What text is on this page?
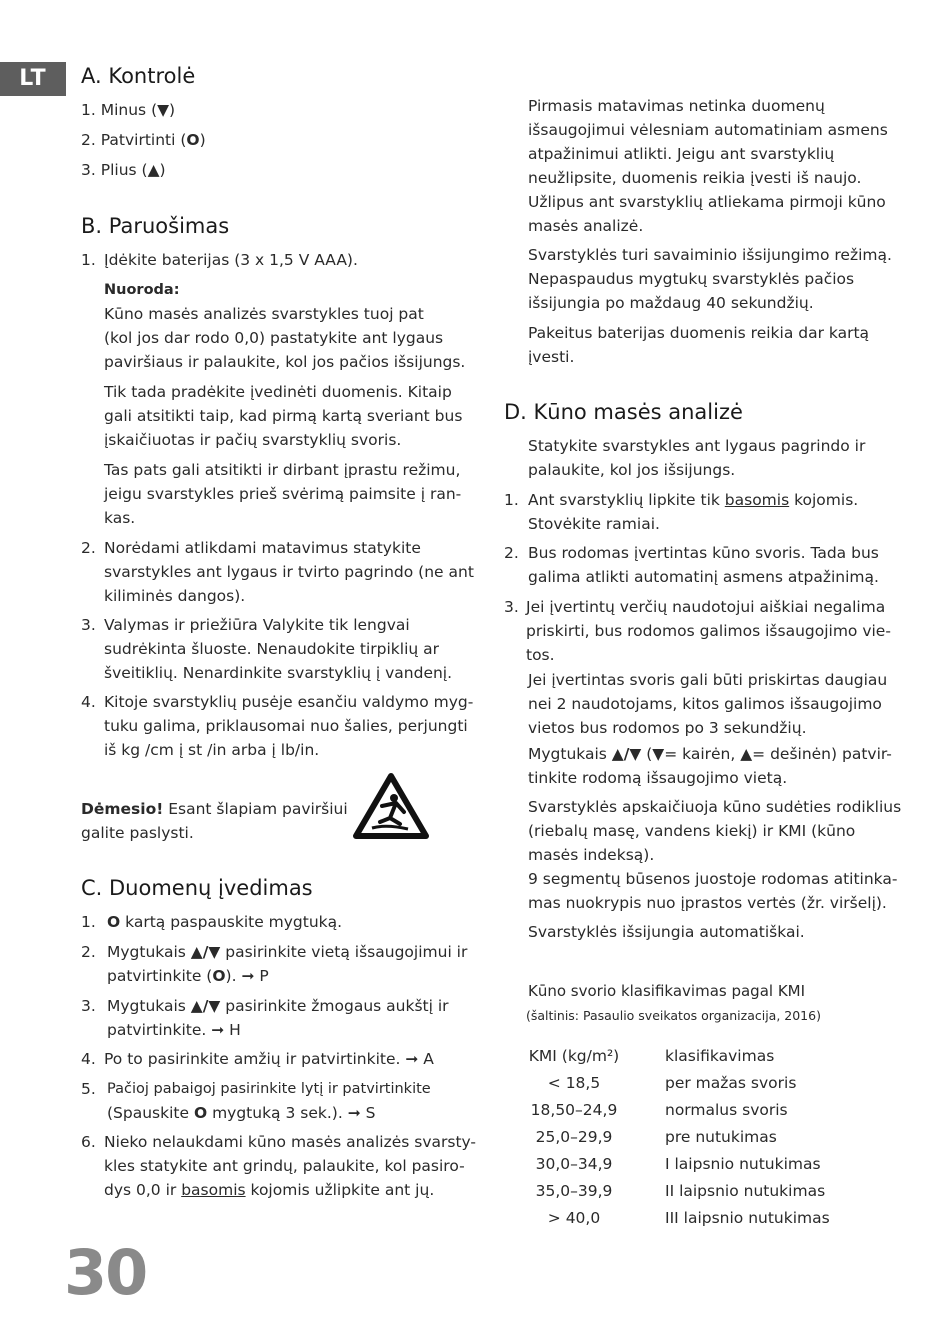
LT	A. Kontrolė
1. Minus (▼)
2. Patvirtinti (O)
3. Plius (▲)
B. Paruošimas
1. Įdėkite baterijas (3 x 1,5 V AAA).
Nuoroda:
Kūno masės analizės svarstykles tuoj pat
(kol jos dar rodo 0,0) pastatykite ant lygaus
paviršiaus ir palaukite, kol jos pačios išsijungs.
Tik tada pradėkite įvedinėti duomenis. Kitaip
gali atsitikti taip, kad pirmą kartą sveriant bus
įskaičiuotas ir pačių svarstyklių svoris.
Tas pats gali atsitikti ir dirbant įprastu režimu,
jeigu svarstykles prieš svėrimą paimsite į ran-
kas.
2. Norėdami atlikdami matavimus statykite
svarstykles ant lygaus ir tvirto pagrindo (ne ant
kiliminės dangos).
3. Valymas ir priežiūra Valykite tik lengvai
sudrėkinta šluoste. Nenaudokite tirpiklių ar
šveitiklių. Nenardinkite svarstyklių į vandenį.
4. Kitoje svarstyklių pusėje esančiu valdymo myg-
tuku galima, priklausomai nuo šalies, perjungti
iš kg /cm į st /in arba į lb/in.
Dėmesio! Esant šlapiam paviršiui
galite paslysti.
C. Duomenų įvedimas
1. O kartą paspauskite mygtuką.
2. Mygtukais ▲/▼ pasirinkite vietą išsaugojimui ir
patvirtinkite (O). ➞ P
3. Mygtukais ▲/▼ pasirinkite žmogaus aukštį ir
patvirtinkite. ➞ H
4. Po to pasirinkite amžių ir patvirtinkite. ➞ A
5. Pačioj pabaigoj pasirinkite lytį ir patvirtinkite
(Spauskite O mygtuką 3 sek.). ➞ S
6. Nieko nelaukdami kūno masės analizės svarsty-
kles statykite ant grindų, palaukite, kol pasiro-
dys 0,0 ir basomis kojomis užlipkite ant jų.
30
Pirmasis matavimas netinka duomenų
išsaugojimui vėlesniam automatiniam asmens
atpažinimui atlikti. Jeigu ant svarstyklių
neužlipsite, duomenis reikia įvesti iš naujo.
Užlipus ant svarstyklių atliekama pirmoji kūno
masės analizė.
Svarstyklės turi savaiminio išsijungimo režimą.
Nepaspaudus mygtukų svarstyklės pačios
išsijungia po maždaug 40 sekundžių.
Pakeitus baterijas duomenis reikia dar kartą
įvesti.
D. Kūno masės analizė
Statykite svarstykles ant lygaus pagrindo ir
palaukite, kol jos išsijungs.
1. Ant svarstyklių lipkite tik basomis kojomis.
Stovėkite ramiai.
2. Bus rodomas įvertintas kūno svoris. Tada bus
galima atlikti automatinį asmens atpažinimą.
3. Jei įvertintų verčių naudotojui aiškiai negalima
priskirti, bus rodomos galimos išsaugojimo vie-
tos.
Jei įvertintas svoris gali būti priskirtas daugiau
nei 2 naudotojams, kitos galimos išsaugojimo
vietos bus rodomos po 3 sekundžių.
Mygtukais ▲/▼ (▼= kairėn, ▲= dešinėn) patvir-
tinkite rodomą išsaugojimo vietą.
Svarstyklės apskaičiuoja kūno sudėties rodiklius
(riebalų masę, vandens kiekį) ir KMI (kūno
masės indeksą).
9 segmentų būsenos juostoje rodomas atitinka-
mas nuokrypis nuo įprastos vertės (žr. viršelį).
Svarstyklės išsijungia automatiškai.
Kūno svorio klasifikavimas pagal KMI
(šaltinis: Pasaulio sveikatos organizacija, 2016)
KMI (kg/m²)	klasifikavimas
< 18,5	per mažas svoris
18,50–24,9	normalus svoris
25,0–29,9	pre nutukimas
30,0–34,9	I laipsnio nutukimas
35,0–39,9	II laipsnio nutukimas
> 40,0	III laipsnio nutukimas
